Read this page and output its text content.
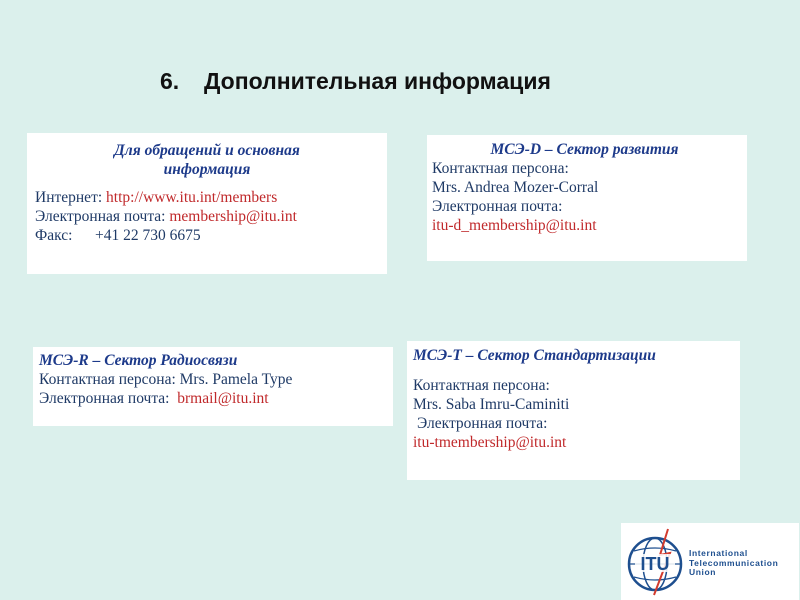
6. Дополнительная информация
Для обращений и основная
информация
Интернет: http://www.itu.int/members
Электронная почта: membership@itu.int
Факс: +41 22 730 6675
МСЭ-D – Сектор развития
Контактная персона:
Mrs. Andrea Mozer-Corral
Электронная почта:
itu-d_membership@itu.int
МСЭ-R – Сектор Радиосвязи
Контактная персона: Mrs. Pamela Type
Электронная почта:  brmail@itu.int
МСЭ-Т – Сектор Стандартизации
Контактная персона:
Mrs. Saba Imru-Caminiti
Электронная почта:
itu-tmembership@itu.int
ITU
International
Telecommunication
Union
